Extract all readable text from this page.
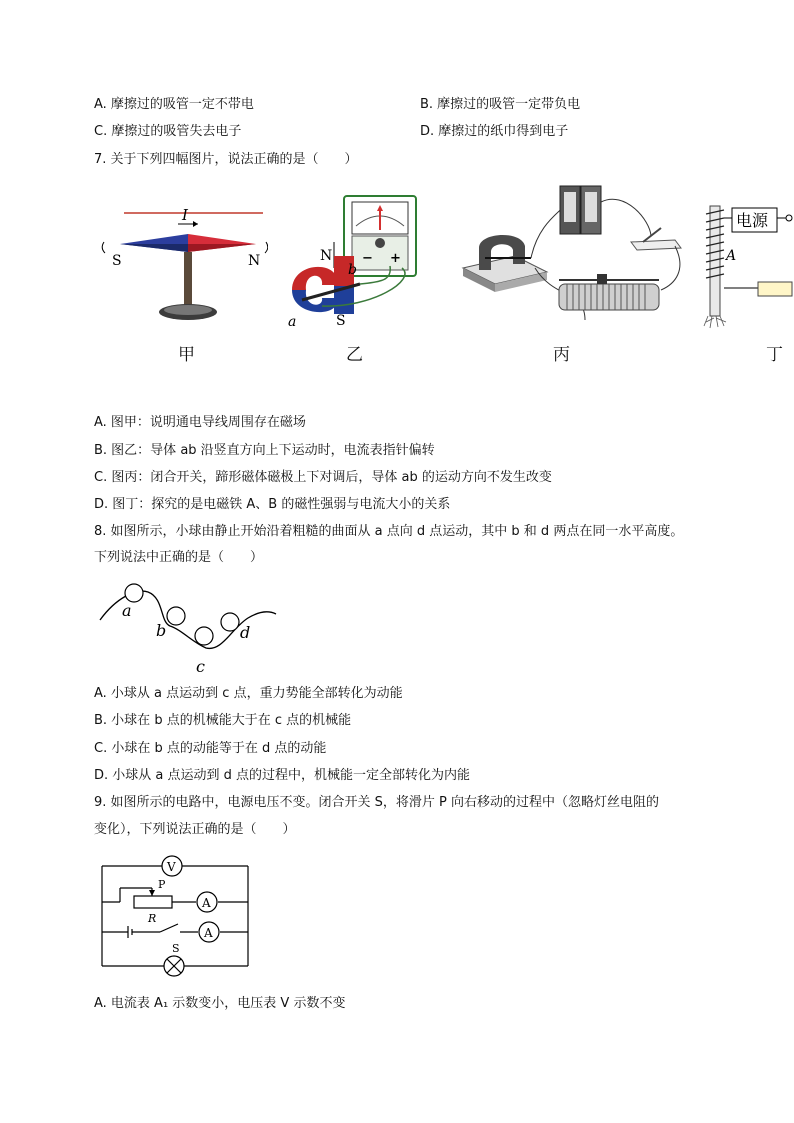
A. 摩擦过的吸管一定不带电	B. 摩擦过的吸管一定带负电
C. 摩擦过的吸管失去电子	D. 摩擦过的纸巾得到电子
7. 关于下列四幅图片，说法正确的是（　　）
I
S	N
甲
− +
N
S
a
b
乙	丙
电源
A
丁
A. 图甲：说明通电导线周围存在磁场
B. 图乙：导体 ab 沿竖直方向上下运动时，电流表指针偏转
C. 图丙：闭合开关，蹄形磁体磁极上下对调后，导体 ab 的运动方向不发生改变
D. 图丁：探究的是电磁铁 A、B 的磁性强弱与电流大小的关系
8. 如图所示，小球由静止开始沿着粗糙的曲面从 a 点向 d 点运动，其中 b 和 d 两点在同一水平高度。
下列说法中正确的是（　　）
a
b
c
d
A. 小球从 a 点运动到 c 点，重力势能全部转化为动能
B. 小球在 b 点的机械能大于在 c 点的机械能
C. 小球在 b 点的动能等于在 d 点的动能
D. 小球从 a 点运动到 d 点的过程中，机械能一定全部转化为内能
9. 如图所示的电路中，电源电压不变。闭合开关 S，将滑片 P 向右移动的过程中（忽略灯丝电阻的
变化），下列说法正确的是（　　）
V
A
A
P
R
S
A. 电流表 A₁ 示数变小，电压表 V 示数不变
